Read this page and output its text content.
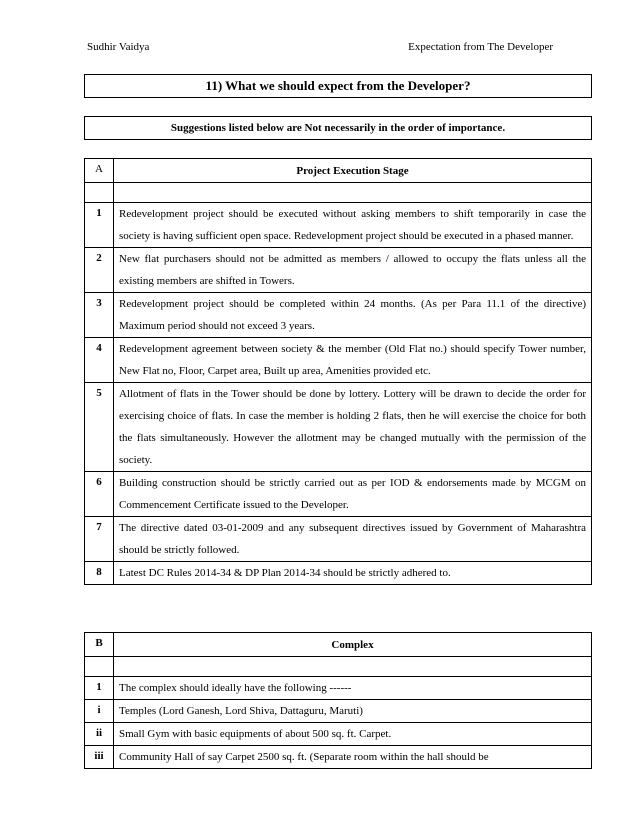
Sudhir Vaidya	Expectation from The Developer
11) What we should expect from the Developer?
Suggestions listed below are Not necessarily in the order of importance.
A	Project Execution Stage

1	Redevelopment project should be executed without asking members to shift temporarily in case the society is having sufficient open space. Redevelopment project should be executed in a phased manner.
2	New flat purchasers should not be admitted as members / allowed to occupy the flats unless all the existing members are shifted in Towers.
3	Redevelopment project should be completed within 24 months. (As per Para 11.1 of the directive) Maximum period should not exceed 3 years.
4	Redevelopment agreement between society & the member (Old Flat no.) should specify Tower number, New Flat no, Floor, Carpet area, Built up area, Amenities provided etc.
5	Allotment of flats in the Tower should be done by lottery. Lottery will be drawn to decide the order for exercising choice of flats. In case the member is holding 2 flats, then he will exercise the choice for both the flats simultaneously. However the allotment may be changed mutually with the permission of the society.
6	Building construction should be strictly carried out as per IOD & endorsements made by MCGM on Commencement Certificate issued to the Developer.
7	The directive dated 03-01-2009 and any subsequent directives issued by Government of Maharashtra should be strictly followed.
8	Latest DC Rules 2014-34 & DP Plan 2014-34 should be strictly adhered to.
B	Complex

1	The complex should ideally have the following ------
i	Temples (Lord Ganesh, Lord Shiva, Dattaguru, Maruti)
ii	Small Gym with basic equipments of about 500 sq. ft. Carpet.
iii	Community Hall of say Carpet 2500 sq. ft. (Separate room within the hall should be
